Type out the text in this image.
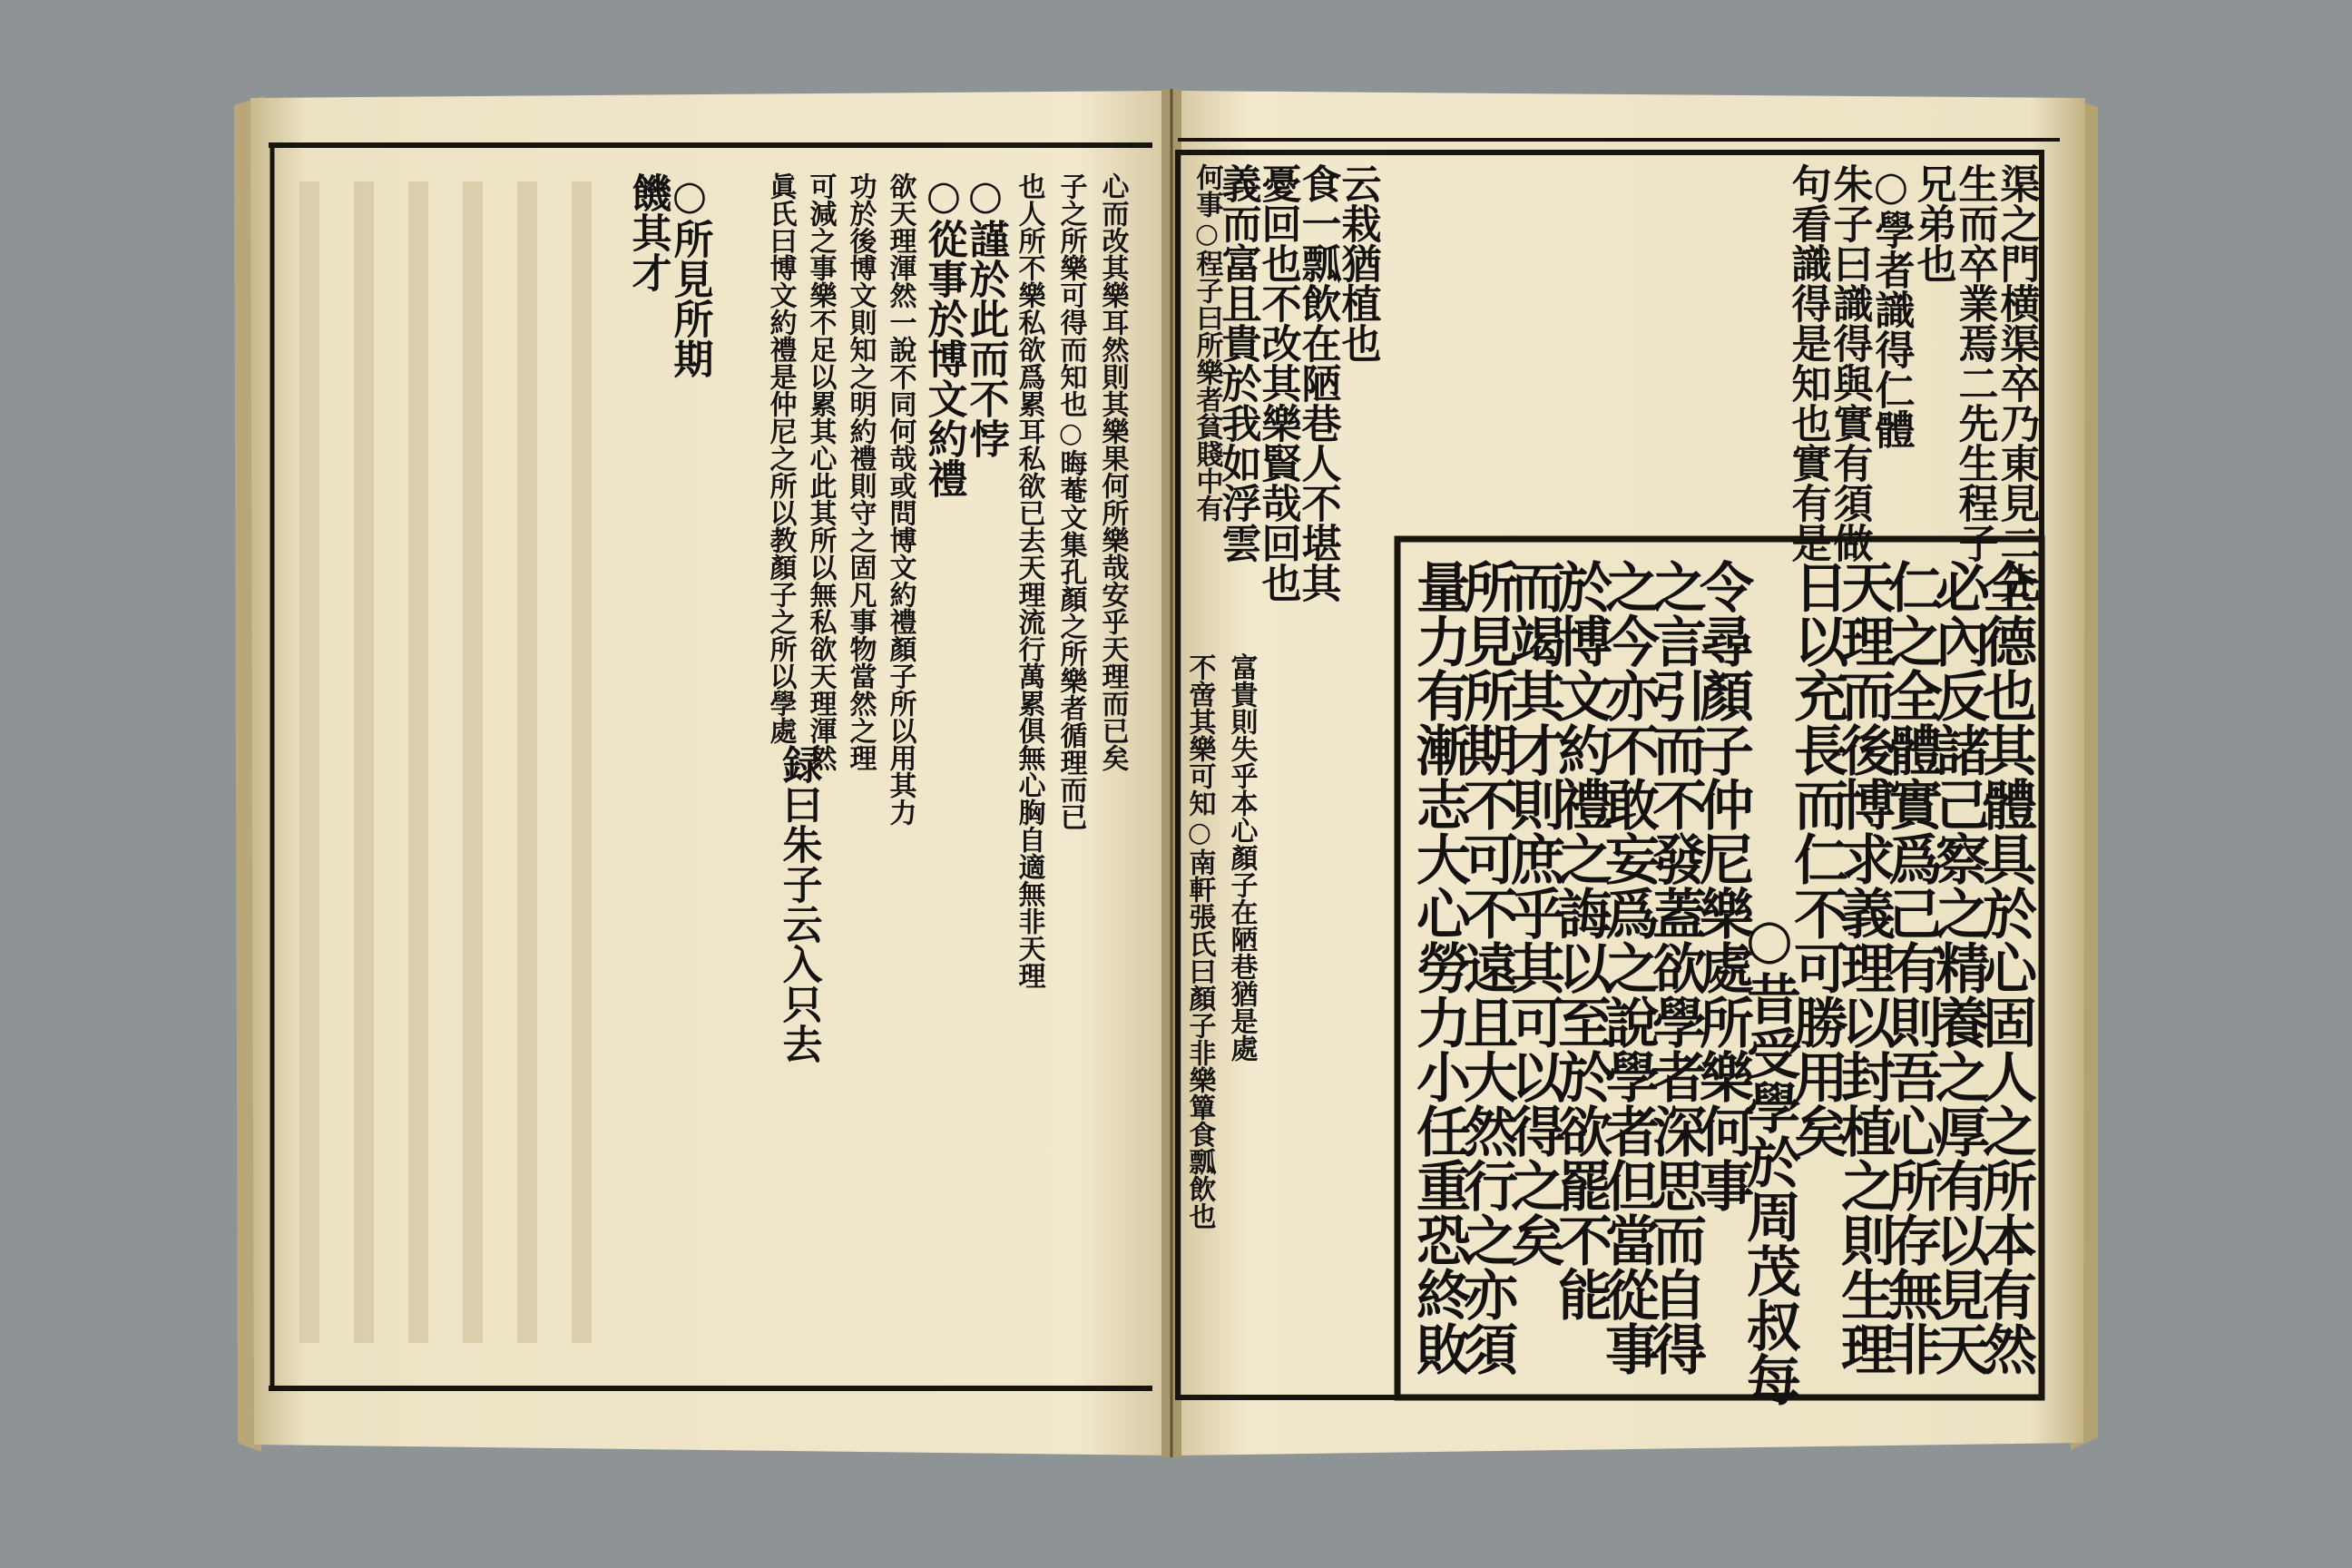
全德也其體具於心固人之所本有然
必內反諸己察之精養之厚有以見天
仁之全體實爲己有則吾心所存無非
天理而後博求義理以封植之則生理
日以充長而仁不可勝用矣
○昔受學於周茂叔每
令尋顏子仲尼樂處所樂何事
之言引而不發蓋欲學者深思而自得
之今亦不敢妄爲之說學者但當從事
於博文約禮之誨以至於欲罷不能
而竭其才則庶乎其可以得之矣
所見所期不可不遠且大然行之亦須
量力有漸志大心勞力小任重恐終敗
渠之門横渠卒乃東見二先
生而卒業焉二先生程子
兄弟也
○學者識得仁體
朱子曰識得與實有須做
句看識得是知也實有是
云栽猶植也
食一瓢飲在陋巷人不堪其
憂回也不改其樂賢哉回也
義而富且貴於我如浮雲
何事○程子曰所樂者貧賤中有
富貴則失乎本心顏子在陋巷猶是處
不啻其樂可知○南軒張氏曰顏子非樂簞食瓢飲也
○所見所期
饑其才
録曰朱子云入只去
眞氏曰博文約禮是仲尼之所以教顏子之所以學處 可減之事樂不足以累其心此其所以無私欲天理渾然 功於後博文則知之明約禮則守之固凡事物當然之理 欲天理渾然一說不同何哉或問博文約禮顏子所以用其力 ○從事於博文約禮
○謹於此而不悖 也人所不樂私欲爲累耳私欲已去天理流行萬累俱無心胸自適無非天理 子之所樂可得而知也○晦菴文集孔顏之所樂者循理而已 心而改其樂耳然則其樂果何所樂哉安乎天理而已矣
